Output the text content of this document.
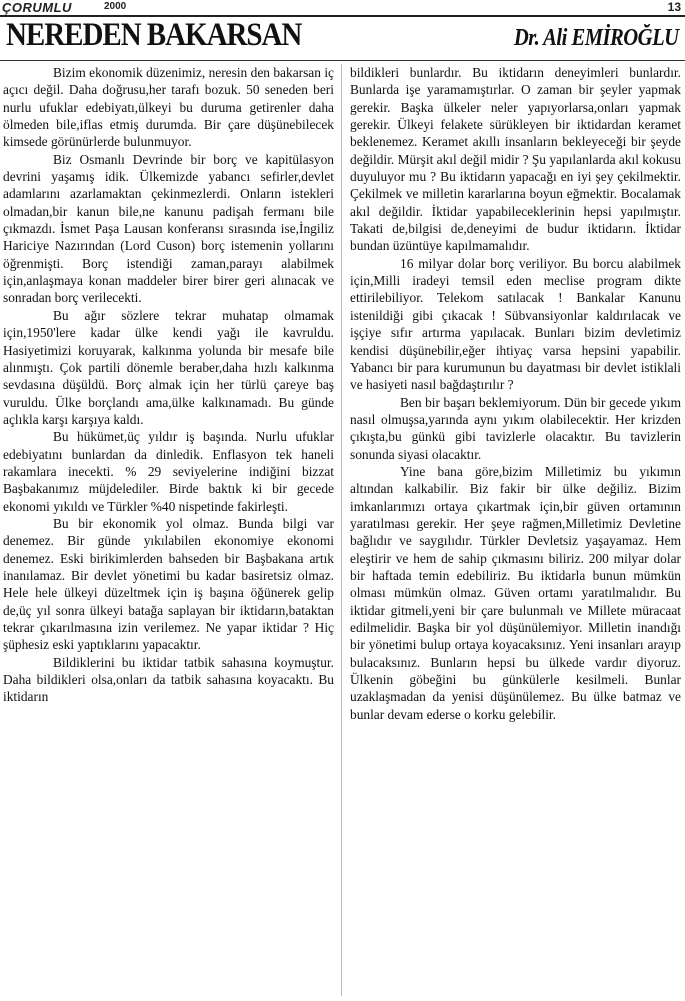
ÇORUMLU	2000	13
NEREDEN BAKARSAN	Dr. Ali EMİROĞLU

Bizim ekonomik düzenimiz, neresin den bakarsan iç açıcı değil. Daha doğrusu,her tarafı bozuk. 50 seneden beri nurlu ufuklar edebiyatı,ülkeyi bu duruma getirenler daha ölmeden bile,iflas etmiş durumda. Bir çare düşünebilecek kimsede görünürlerde bulunmuyor.

Biz Osmanlı Devrinde bir borç ve kapitülasyon devrini yaşamış idik. Ülkemizde yabancı sefirler,devlet adamlarını azarlamaktan çekinmezlerdi. Onların istekleri olmadan,bir kanun bile,ne kanunu padişah fermanı bile çıkmazdı. İsmet Paşa Lausan konferansı sırasında ise,İngiliz Hariciye Nazırından (Lord Cuson) borç istemenin yollarını öğrenmişti. Borç istendiği zaman,parayı alabilmek için,anlaşmaya konan maddeler birer birer geri alınacak ve sonradan borç verilecekti.

Bu ağır sözlere tekrar muhatap olmamak için,1950'lere kadar ülke kendi yağı ile kavruldu. Hasiyetimizi koruyarak, kalkınma yolunda bir mesafe bile alınmıştı. Çok partili dönemle beraber,daha hızlı kalkınma sevdasına düşüldü. Borç almak için her türlü çareye baş vuruldu. Ülke borçlandı ama,ülke kalkınamadı. Bu günde açlıkla karşı karşıya kaldı.

Bu hükümet,üç yıldır iş başında. Nurlu ufuklar edebiyatını bunlardan da dinledik. Enflasyon tek haneli rakamlara inecekti. % 29 seviyelerine indiğini bizzat Başbakanımız müjdelediler. Birde baktık ki bir gecede ekonomi yıkıldı ve Türkler %40 nispetinde fakirleşti.

Bu bir ekonomik yol olmaz. Bunda bilgi var denemez. Bir günde yıkılabilen ekonomiye ekonomi denemez. Eski birikimlerden bahseden bir Başbakana artık inanılamaz. Bir devlet yönetimi bu kadar basiretsiz olmaz. Hele hele ülkeyi düzeltmek için iş başına öğünerek gelip de,üç yıl sonra ülkeyi batağa saplayan bir iktidarın,bataktan tekrar çıkarılmasına izin verilemez. Ne yapar iktidar ? Hiç şüphesiz eski yaptıklarını yapacaktır.

Bildiklerini bu iktidar tatbik sahasına koymuştur. Daha bildikleri olsa,onları da tatbik sahasına koyacaktı. Bu iktidarın

bildikleri bunlardır. Bu iktidarın deneyimleri bunlardır. Bunlarda işe yaramamıştırlar. O zaman bir şeyler yapmak gerekir. Başka ülkeler neler yapıyorlarsa,onları yapmak gerekir. Ülkeyi felakete sürükleyen bir iktidardan keramet beklenemez. Keramet akıllı insanların bekleyeceği bir şeyde değildir. Mürşit akıl değil midir ? Şu yapılanlarda akıl kokusu duyuluyor mu ? Bu iktidarın yapacağı en iyi şey çekilmektir. Çekilmek ve milletin kararlarına boyun eğmektir. Bocalamak akıl değildir. İktidar yapabileceklerinin hepsi yapılmıştır. Takati de,bilgisi de,deneyimi de budur iktidarın. İktidar bundan üzüntüye kapılmamalıdır.

16 milyar dolar borç veriliyor. Bu borcu alabilmek için,Milli iradeyi temsil eden meclise program dikte ettirilebiliyor. Telekom satılacak ! Bankalar Kanunu istenildiği gibi çıkacak ! Sübvansiyonlar kaldırılacak ve işçiye sıfır artırma yapılacak. Bunları bizim devletimiz kendisi düşünebilir,eğer ihtiyaç varsa hepsini yapabilir. Yabancı bir para kurumunun bu dayatması bir devlet istiklali ve hasiyeti nasıl bağdaştırılır ?

Ben bir başarı beklemiyorum. Dün bir gecede yıkım nasıl olmuşsa,yarında aynı yıkım olabilecektir. Her krizden çıkışta,bu günkü gibi tavizlerle olacaktır. Bu tavizlerin sonunda siyasi olacaktır.

Yine bana göre,bizim Milletimiz bu yıkımın altından kalkabilir. Biz fakir bir ülke değiliz. Bizim imkanlarımızı ortaya çıkartmak için,bir güven ortamının yaratılması gerekir. Her şeye rağmen,Milletimiz Devletine bağlıdır ve saygılıdır. Türkler Devletsiz yaşayamaz. Hem eleştirir ve hem de sahip çıkmasını biliriz. 200 milyar dolar bir haftada temin edebiliriz. Bu iktidarla bunun mümkün olması mümkün olmaz. Güven ortamı yaratılmalıdır. Bu iktidar gitmeli,yeni bir çare bulunmalı ve Millete müracaat edilmelidir. Başka bir yol düşünülemiyor. Milletin inandığı bir yönetimi bulup ortaya koyacaksınız. Yeni insanları arayıp bulacaksınız. Bunların hepsi bu ülkede vardır diyoruz. Ülkenin göbeğini bu günkülerle kesilmeli. Bunlar uzaklaşmadan da yenisi düşünülemez. Bu ülke batmaz ve bunlar devam ederse o korku gelebilir.
